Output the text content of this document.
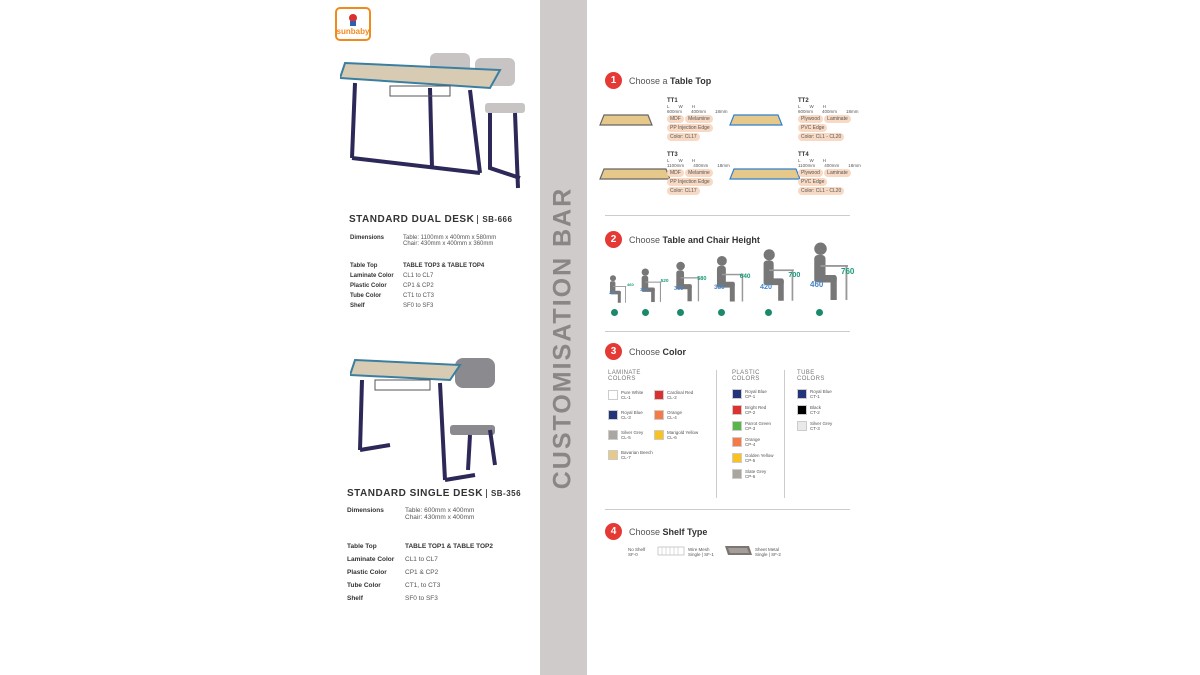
sunbaby
STANDARD DUAL DESK SB-666
Dimensions	Table: 1100mm x 400mm x 580mm
Chair: 430mm x 400mm x 360mm
Table Top	TABLE TOP3 & TABLE TOP4
Laminate Color	CL1 to CL7
Plastic Color	CP1 & CP2
Tube Color	CT1 to CT3
Shelf	SF0 to SF3
STANDARD SINGLE DESK SB-356
Dimensions	Table: 600mm x 400mm
Chair: 430mm x 400mm
Table Top	TABLE TOP1 & TABLE TOP2
Laminate Color	CL1 to CL7
Plastic Color	CP1 & CP2
Tube Color	CT1, to CT3
Shelf	SF0 to SF3
CUSTOMISATION BAR
1	Choose a
Table Top
2	Choose
Table and Chair Height
3	Choose
Color
4	Choose
Shelf Type
TT1
L W H
600mm 400mm 18mm
MDF Melamine
PP Injection Edge
Color: CL17
TT2
L W H
600mm 400mm 18mm
Plywood Laminate
PVC Edge
Color: CL1 - CL20
TT3
L W H
1100mm 400mm 18mm
MDF Melamine
PP Injection Edge
Color: CL17
TT4
L W H
1100mm 400mm 18mm
Plywood Laminate
PVC Edge
Color: CL1 - CL20
260
460
310
520
360
580
380
640
420
700
460
760
LAMINATE
COLORS
Pure White
CL-1
Cardinal Red
CL-2
Royal Blue
CL-3
Orange
CL-4
Silver Grey
CL-5
Marigold Yellow
CL-6
Bavarian Beech
CL-7
PLASTIC
COLORS
Royal Blue
CP-1
Bright Red
CP-2
Parrot Green
CP-3
Orange
CP-4
Golden Yellow
CP-5
Slate Grey
CP-6
TUBE
COLORS
Royal Blue
CT-1
Black
CT-2
Silver Grey
CT-3
No Shelf
SF-0
Wire Mesh
Single | SF-1
Sheet Metal
Single | SF-2
